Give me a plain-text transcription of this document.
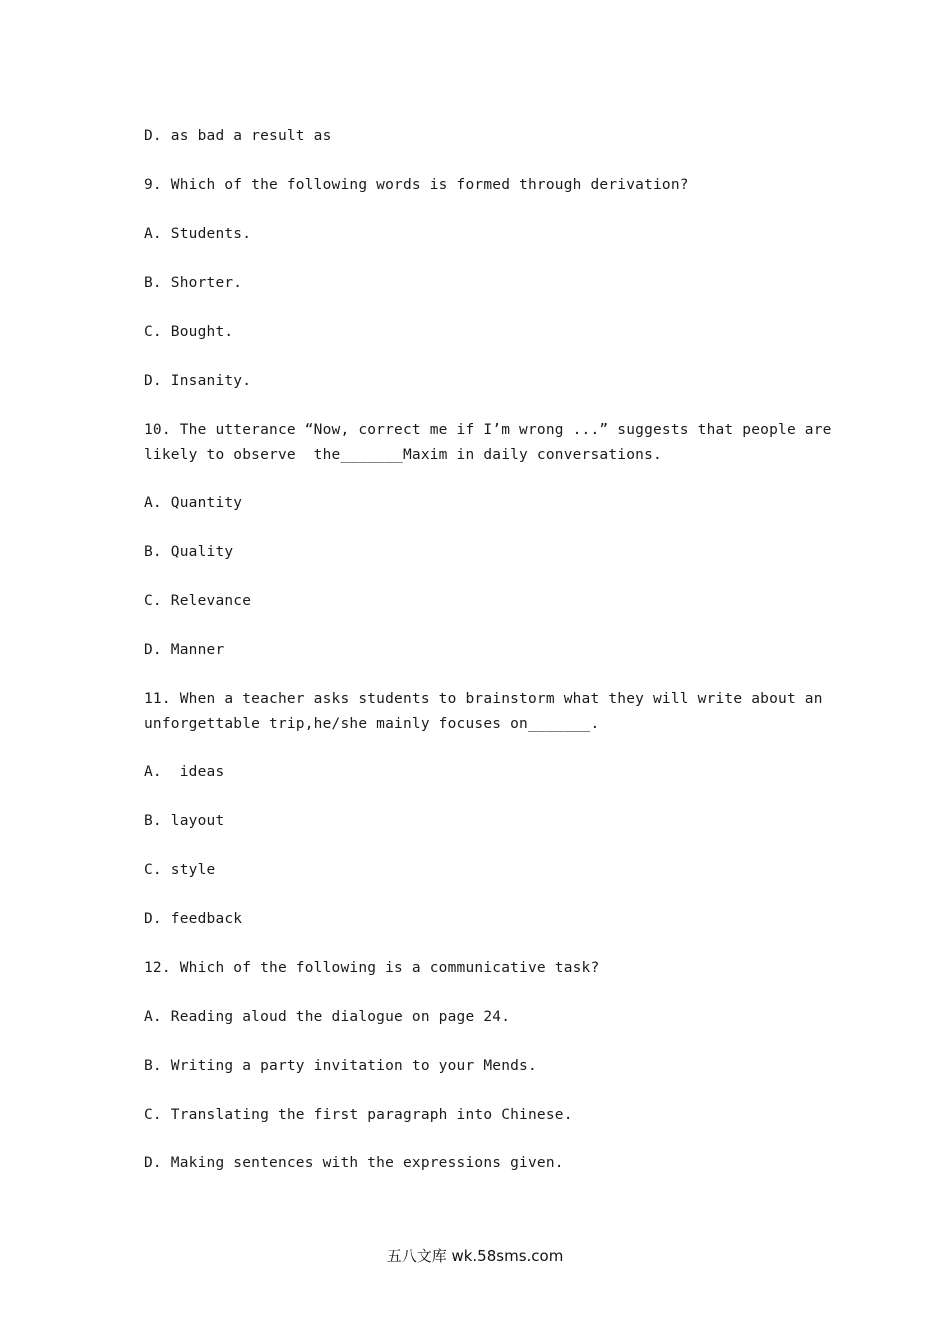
D. as bad a result as
9. Which of the following words is formed through derivation?
A. Students.
B. Shorter.
C. Bought.
D. Insanity.
10. The utterance “Now, correct me if I’m wrong ...” suggests that people are
likely to observe  the_______Maxim in daily conversations.
A. Quantity
B. Quality
C. Relevance
D. Manner
11. When a teacher asks students to brainstorm what they will write about an
unforgettable trip,he/she mainly focuses on_______.
A.  ideas
B. layout
C. style
D. feedback
12. Which of the following is a communicative task?
A. Reading aloud the dialogue on page 24.
B. Writing a party invitation to your Mends.
C. Translating the first paragraph into Chinese.
D. Making sentences with the expressions given.
五八文库 wk.58sms.com
